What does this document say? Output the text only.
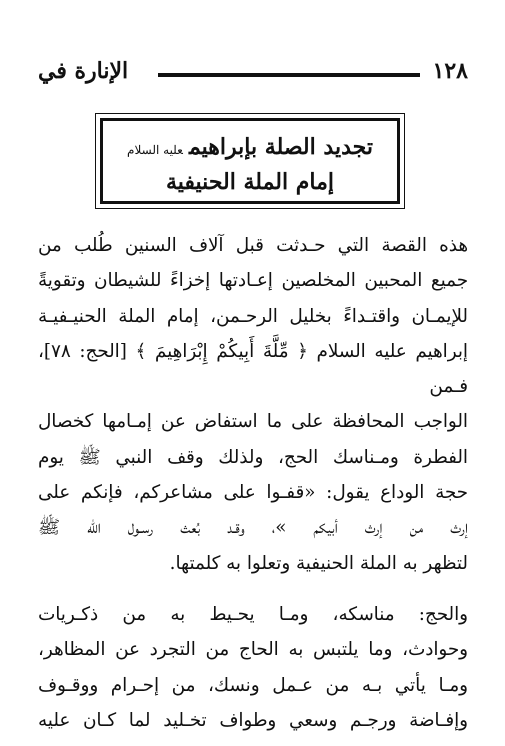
١٢٨
الإنارة في
تجديد الصلة بإبراهيمعليه السلام
إمام الملة الحنيفية

هذه القصة التي حـدثت قبل آلاف السنين طُلب من

جميع المحبين المخلصين إعـادتها إخزاءً للشيطان وتقويةً

للإيمـان واقتـداءً بخليل الرحـمن، إمام الملة الحنيـفيـة

إبراهيم عليه السلام ﴿ مِّلَّةَ أَبِيكُمْ إِبْرَاهِيمَ ﴾ [الحج: ٧٨]، فـمن

الواجب المحافظة على ما استفاض عن إمـامها كخصال

الفطرة ومـناسك الحج، ولذلك وقف النبي ﷺ يوم

حجة الوداع يقول: «قفـوا على مشاعركم، فإنكم على

إرث من إرث أبيكم »، وقـد بُعث رسـول الله ﷺ

لتظهر به الملة الحنيفية وتعلوا به كلمتها.

والحج: مناسكه، ومـا يحـيط به من ذكـريات

وحوادث، وما يلتبس به الحاج من التجرد عن المظاهر،

ومـا يأتي بـه من عـمل ونسك، من إحـرام ووقـوف

وإفـاضة ورجـم وسعي وطواف تخـليد لما كـان عليه
